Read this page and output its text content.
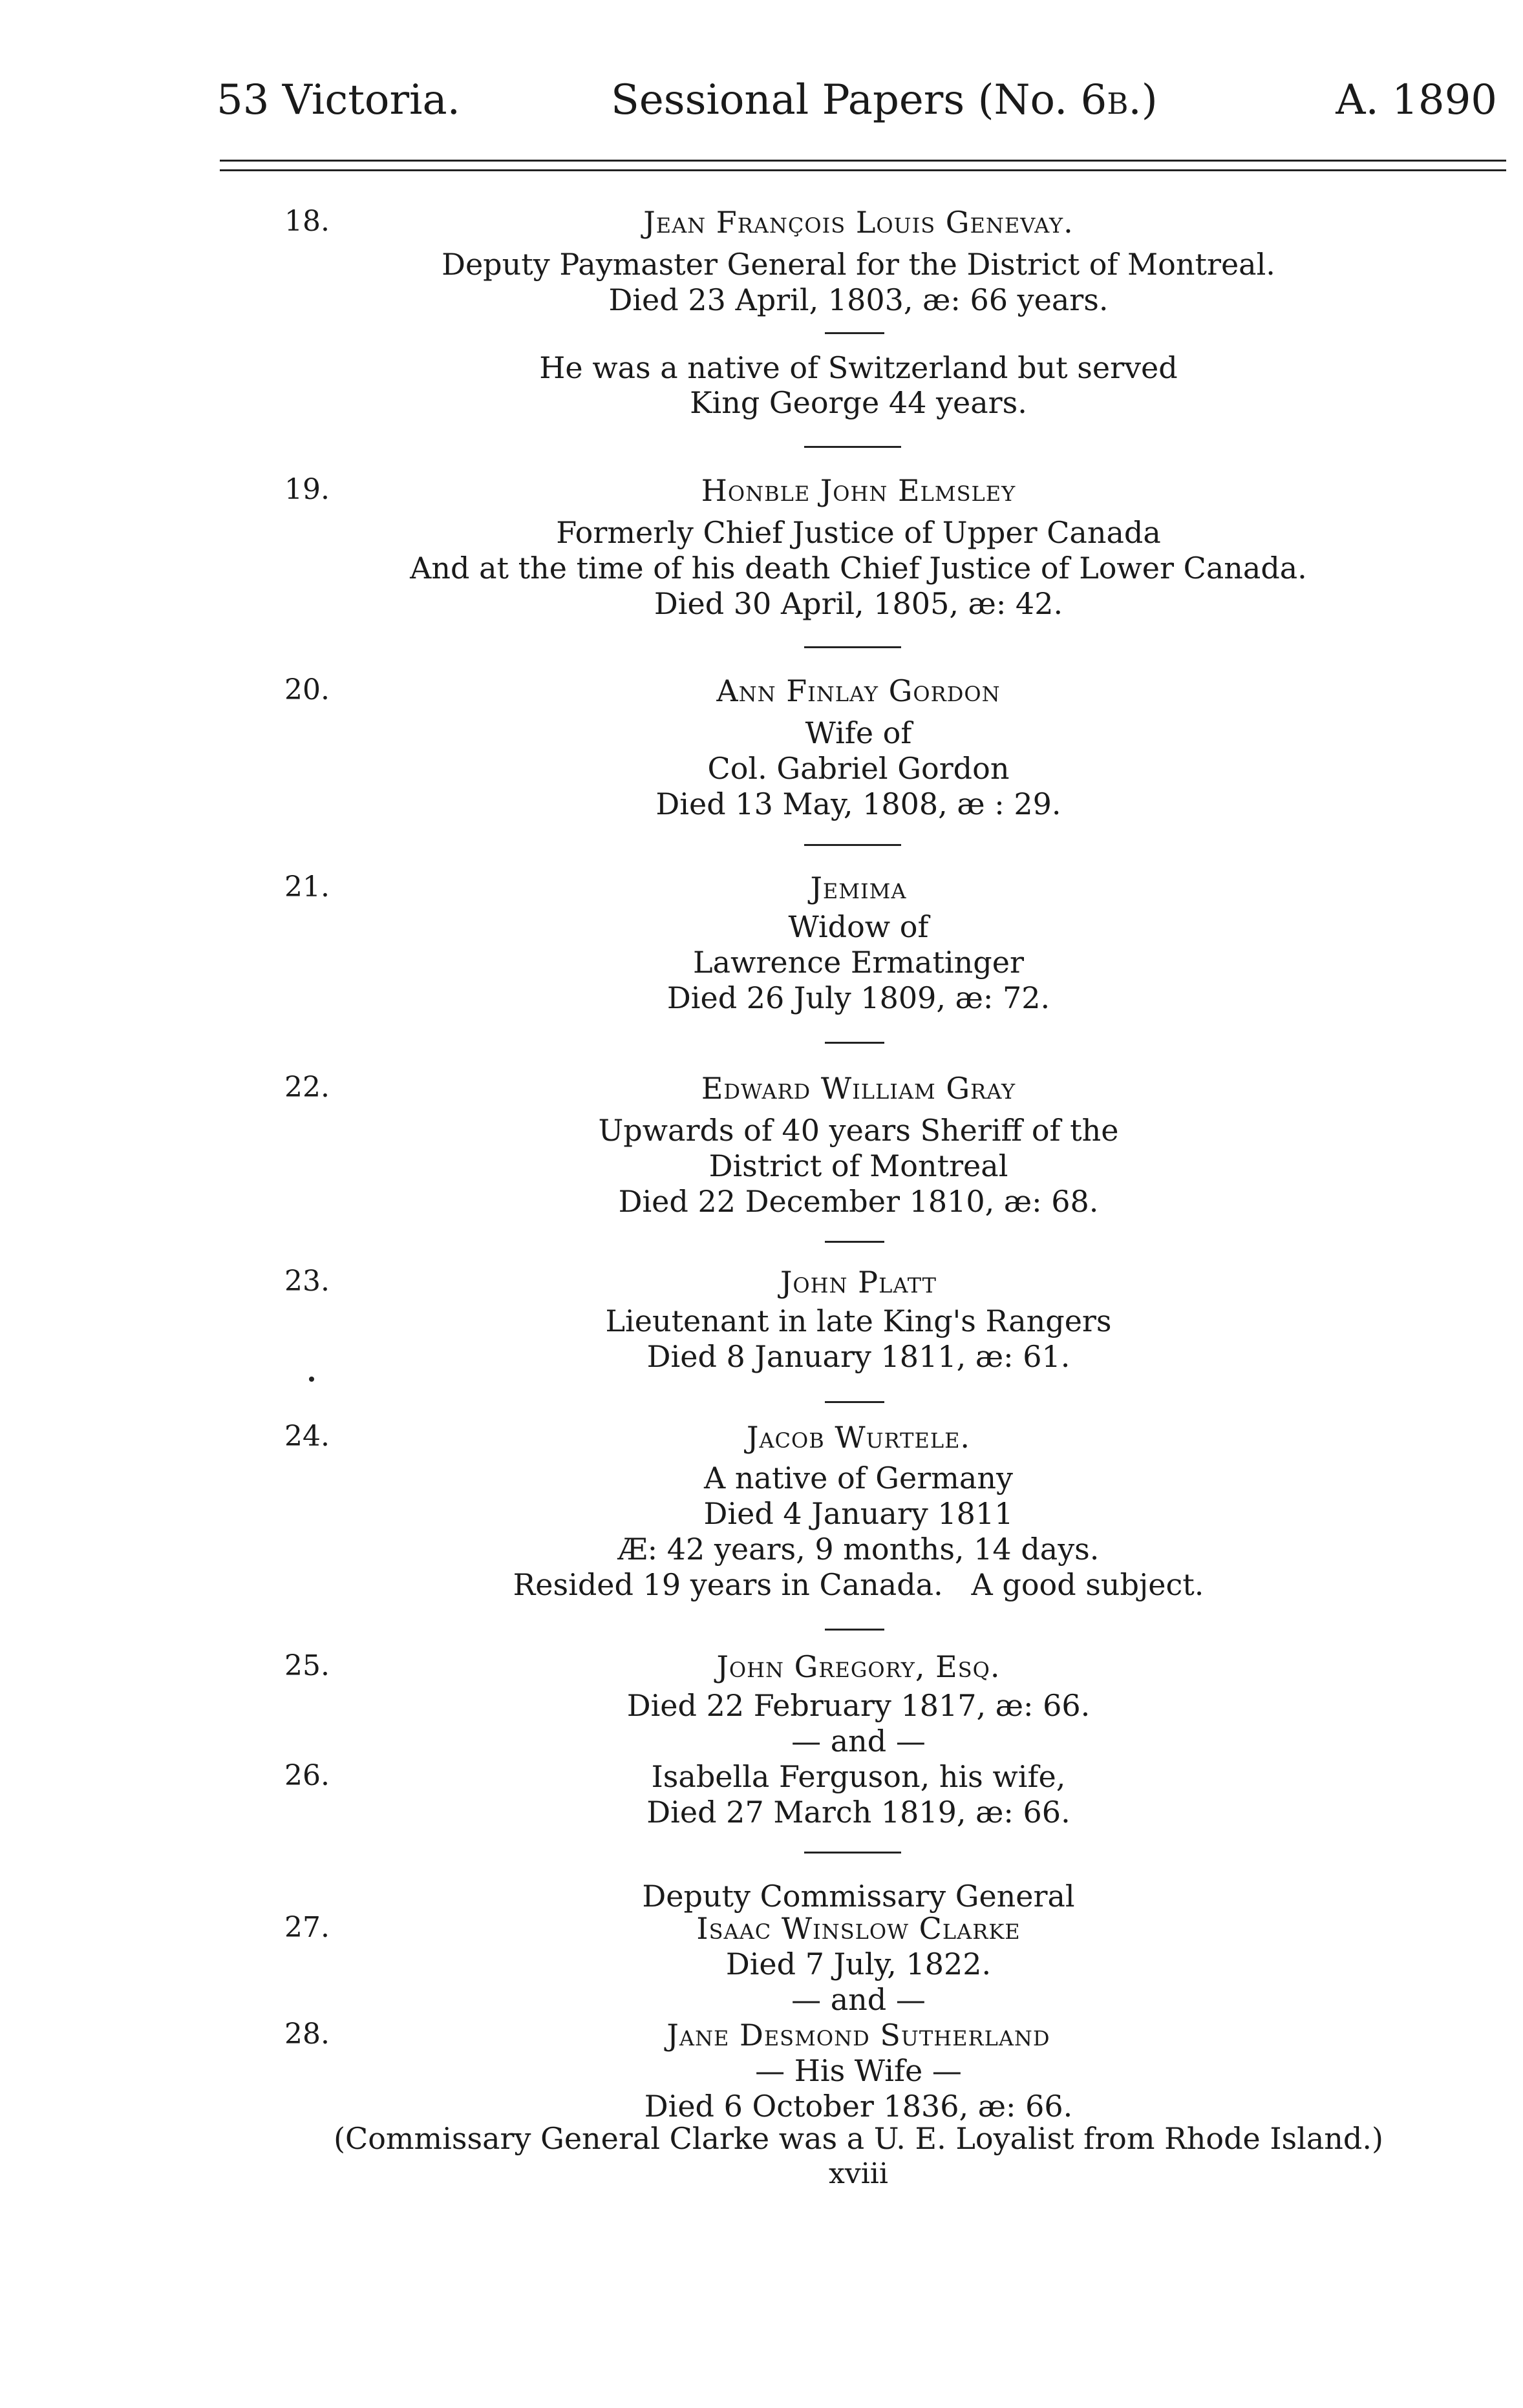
53 Victoria.	Sessional Papers (No. 6b.)	A. 1890
18.	Jean François Louis Genevay.
Deputy Paymaster General for the District of Montreal.
Died 23 April, 1803, æ: 66 years.
He was a native of Switzerland but served
King George 44 years.
19.	Honble John Elmsley
Formerly Chief Justice of Upper Canada
And at the time of his death Chief Justice of Lower Canada.
Died 30 April, 1805, æ: 42.
20.	Ann Finlay Gordon
Wife of
Col. Gabriel Gordon
Died 13 May, 1808, æ : 29.
21.	Jemima
Widow of
Lawrence Ermatinger
Died 26 July 1809, æ: 72.
22.	Edward William Gray
Upwards of 40 years Sheriff of the
District of Montreal
Died 22 December 1810, æ: 68.
23.	John Platt
Lieutenant in late King's Rangers
Died 8 January 1811, æ: 61.
24.	Jacob Wurtele.
A native of Germany
Died 4 January 1811
Æ: 42 years, 9 months, 14 days.
Resided 19 years in Canada.   A good subject.
25.	John Gregory, Esq.
Died 22 February 1817, æ: 66.
— and —
26.	Isabella Ferguson, his wife,
Died 27 March 1819, æ: 66.
Deputy Commissary General
27.	Isaac Winslow Clarke
Died 7 July, 1822.
— and —
28.	Jane Desmond Sutherland
— His Wife —
Died 6 October 1836, æ: 66.
(Commissary General Clarke was a U. E. Loyalist from Rhode Island.)
xviii
